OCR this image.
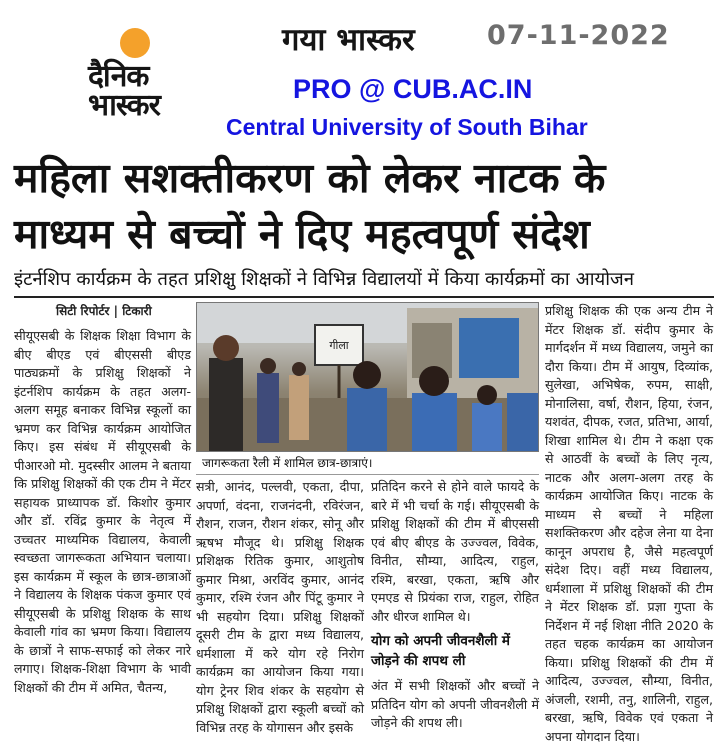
दैनिक भास्कर
गया भास्कर	07-11-2022
PRO @ CUB.AC.IN
Central University of South Bihar
महिला सशक्तीकरण को लेकर नाटक के माध्यम से बच्चों ने दिए महत्वपूर्ण संदेश
इंटर्नशिप कार्यक्रम के तहत प्रशिक्षु शिक्षकों ने विभिन्न विद्यालयों में किया कार्यक्रमों का आयोजन
सिटी रिपोर्टर | टिकारी
सीयूएसबी के शिक्षक शिक्षा विभाग के बीए बीएड एवं बीएससी बीएड पाठ्यक्रमों के प्रशिक्षु शिक्षकों ने इंटर्नशिप कार्यक्रम के तहत अलग-अलग समूह बनाकर विभिन्न स्कूलों का भ्रमण कर विभिन्न कार्यक्रम आयोजित किए। इस संबंध में सीयूएसबी के पीआरओ मो. मुदस्सीर आलम ने बताया कि प्रशिक्षु शिक्षकों की एक टीम ने मेंटर सहायक प्राध्यापक डॉ. किशोर कुमार और डॉ. रविंद्र कुमार के नेतृत्व में उच्चतर माध्यमिक विद्यालय, केवाली स्वच्छता जागरूकता अभियान चलाया। इस कार्यक्रम में स्कूल के छात्र-छात्राओं ने विद्यालय के शिक्षक पंकज कुमार एवं सीयूएसबी के प्रशिक्षु शिक्षक के साथ केवाली गांव का भ्रमण किया। विद्यालय के छात्रों ने साफ-सफाई को लेकर नारे लगाए। शिक्षक-शिक्षा विभाग के भावी शिक्षकों की टीम में अमित, चैतन्य,
गीला
जागरूकता रैली में शामिल छात्र-छात्राएं।
सत्री, आनंद, पल्लवी, एकता, दीपा, अपर्णा, वंदना, राजनंदनी, रविरंजन, रौशन, राजन, रौशन शंकर, सोनू और ऋषभ मौजूद थे। प्रशिक्षु शिक्षक प्रशिक्षक रितिक कुमार, आशुतोष कुमार मिश्रा, अरविंद कुमार, आनंद कुमार, रश्मि रंजन और पिंटू कुमार ने भी सहयोग दिया। प्रशिक्षु शिक्षकों दूसरी टीम के द्वारा मध्य विद्यालय, धर्मशाला में करे योग रहे निरोग कार्यक्रम का आयोजन किया गया। योग ट्रेनर शिव शंकर के सहयोग से प्रशिक्षु शिक्षकों द्वारा स्कूली बच्चों को विभिन्न तरह के योगासन और इसके
प्रतिदिन करने से होने वाले फायदे के बारे में भी चर्चा के गई। सीयूएसबी के प्रशिक्षु शिक्षकों की टीम में बीएससी एवं बीए बीएड के उज्ज्वल, विवेक, विनीत, सौम्या, आदित्य, राहुल, रश्मि, बरखा, एकता, ऋषि और एमएड से प्रियंका राज, राहुल, रोहित और धीरज शामिल थे।
योग को अपनी जीवनशैली में जोड़ने की शपथ ली
अंत में सभी शिक्षकों और बच्चों ने प्रतिदिन योग को अपनी जीवनशैली में जोड़ने की शपथ ली।
प्रशिक्षु शिक्षक की एक अन्य टीम ने मेंटर शिक्षक डॉ. संदीप कुमार के मार्गदर्शन में मध्य विद्यालय, जमुने का दौरा किया। टीम में आयुष, दिव्यांक, सुलेखा, अभिषेक, रुपम, साक्षी, मोनालिसा, वर्षा, रौशन, हिया, रंजन, यशवंत, दीपक, रजत, प्रतिभा, आर्या, शिखा शामिल थे। टीम ने कक्षा एक से आठवीं के बच्चों के लिए नृत्य, नाटक और अलग-अलग तरह के कार्यक्रम आयोजित किए। नाटक के माध्यम से बच्चों ने महिला सशक्तिकरण और दहेज लेना या देना कानून अपराध है, जैसे महत्वपूर्ण संदेश दिए। वहीं मध्य विद्यालय, धर्मशाला में प्रशिक्षु शिक्षकों की टीम ने मेंटर शिक्षक डॉ. प्रज्ञा गुप्ता के निर्देशन में नई शिक्षा नीति 2020 के तहत चहक कार्यक्रम का आयोजन किया। प्रशिक्षु शिक्षकों की टीम में आदित्य, उज्ज्वल, सौम्या, विनीत, अंजली, रशमी, तनु, शालिनी, राहुल, बरखा, ऋषि, विवेक एवं एकता ने अपना योगदान दिया।
